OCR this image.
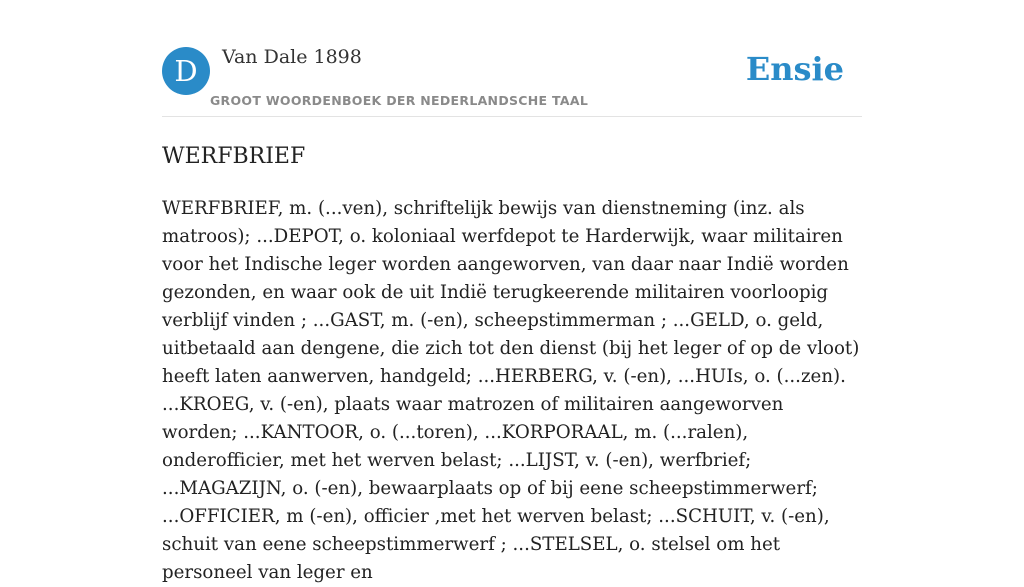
D	Van Dale 1898
GROOT WOORDENBOEK DER NEDERLANDSCHE TAAL
Ensie
WERFBRIEF

WERFBRIEF, m. (...ven), schriftelijk bewijs van dienstneming (inz. als matroos); ...DEPOT, o. koloniaal werfdepot te Harderwijk, waar militairen voor het Indische leger worden aangeworven, van daar naar Indië worden gezonden, en waar ook de uit Indië terugkeerende militairen voorloopig verblijf vinden ; ...GAST, m. (-en), scheepstimmerman ; ...GELD, o. geld, uitbetaald aan dengene, die zich tot den dienst (bij het leger of op de vloot) heeft laten aanwerven, handgeld; ...HERBERG, v. (-en), ...HUIs, o. (...zen). ...KROEG, v. (-en), plaats waar matrozen of militairen aangeworven worden; ...KANTOOR, o. (...toren), ...KORPORAAL, m. (...ralen), onderofficier, met het werven belast; ...LIJST, v. (-en), werfbrief; ...MAGAZIJN, o. (-en), bewaarplaats op of bij eene scheepstimmerwerf; ...OFFICIER, m (-en), officier ,met het werven belast; ...SCHUIT, v. (-en), schuit van eene scheepstimmerwerf ; ...STELSEL, o. stelsel om het personeel van leger en
